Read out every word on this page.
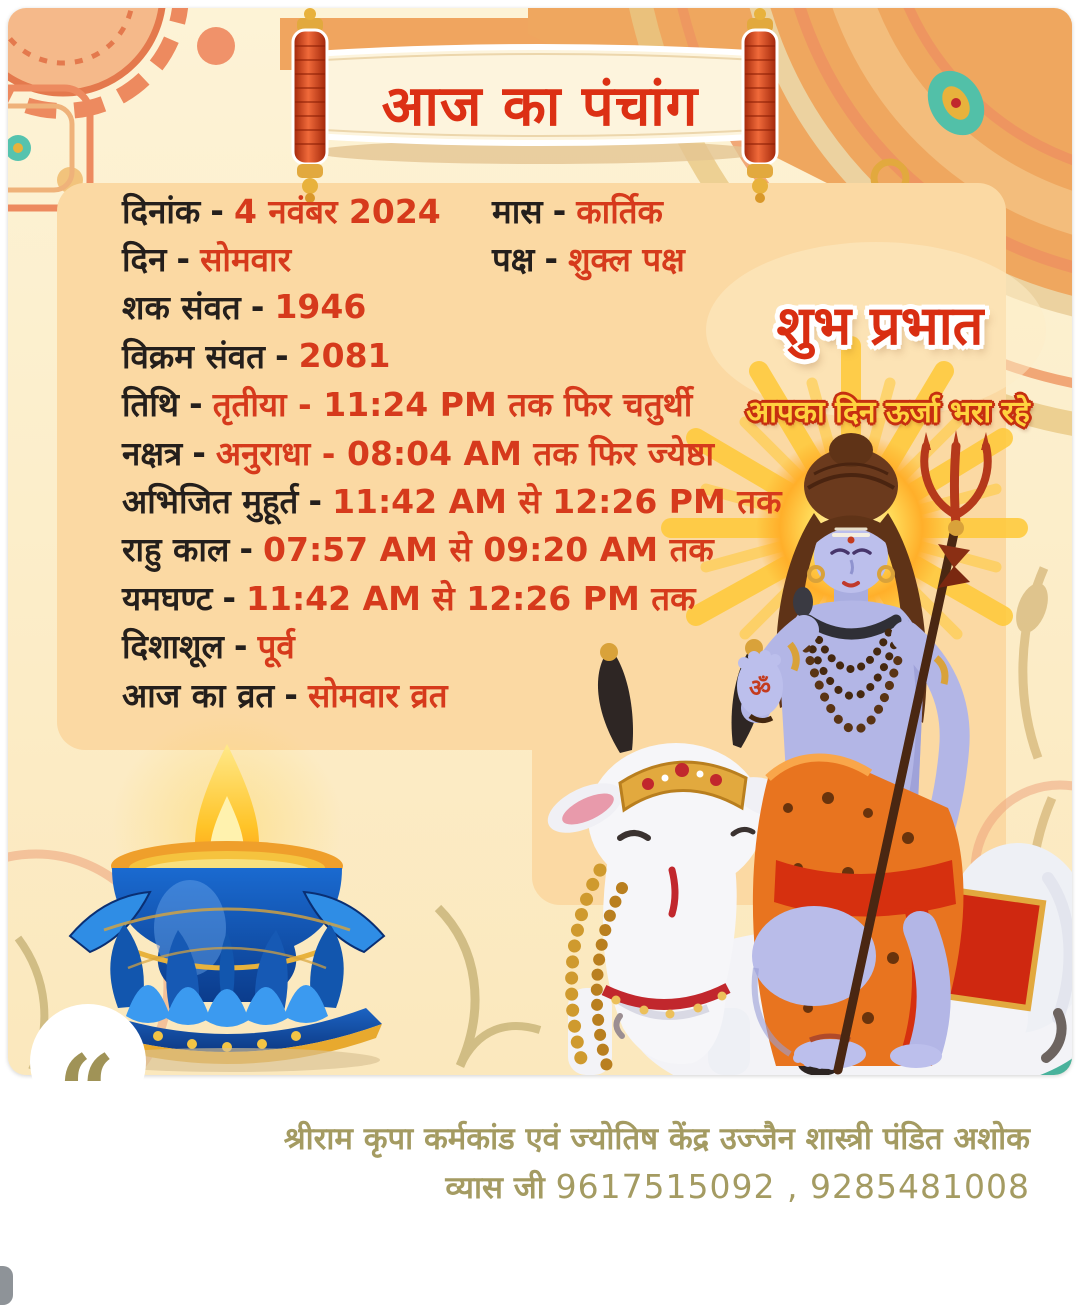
ॐ
आज का पंचांग
दिनांक - 4 नवंबर 2024
दिन - सोमवार
शक संवत - 1946
विक्रम संवत - 2081
तिथि - तृतीया - 11:24 PM तक फिर चतुर्थी
नक्षत्र - अनुराधा - 08:04 AM तक फिर ज्येष्ठा
अभिजित मुहूर्त - 11:42 AM से 12:26 PM तक
राहु काल - 07:57 AM से 09:20 AM तक
यमघण्ट - 11:42 AM से 12:26 PM तक
दिशाशूल - पूर्व
आज का व्रत - सोमवार व्रत
मास - कार्तिक
पक्ष - शुक्ल पक्ष
शुभ प्रभात
आपका दिन ऊर्जा भरा रहे
“	श्रीराम कृपा कर्मकांड एवं ज्योतिष केंद्र उज्जैन शास्त्री पंडित अशोक
व्यास जी 9617515092 , 9285481008
